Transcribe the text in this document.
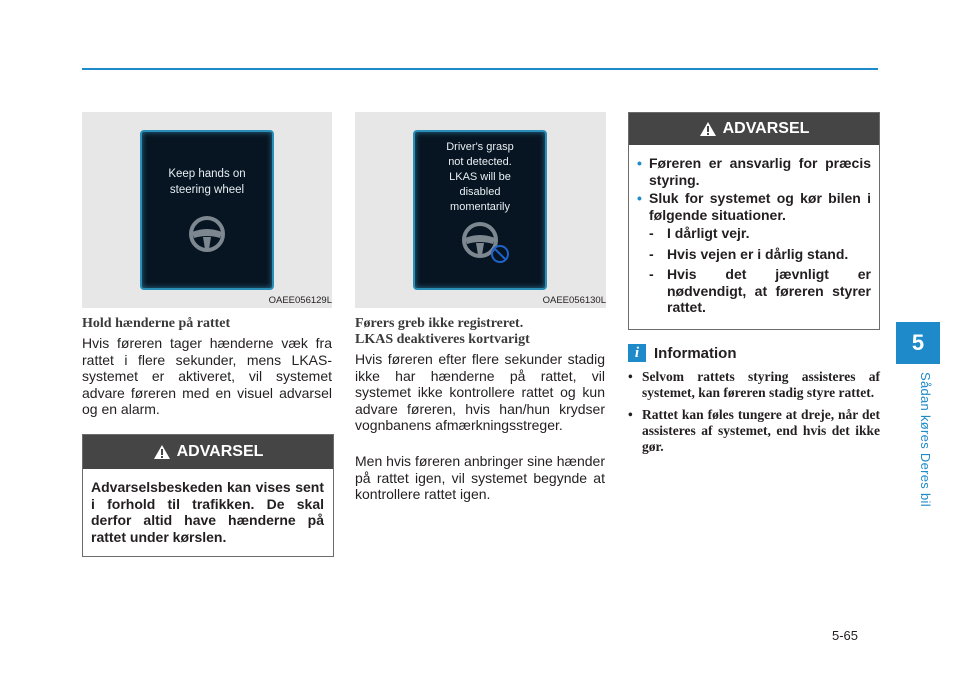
Keep hands on
steering wheel
OAEE056129L
Driver's grasp
not detected.
LKAS will be
disabled
momentarily
OAEE056130L
Hold hænderne på rattet
Hvis føreren tager hænderne væk fra rattet i flere sekunder, mens LKAS-systemet er aktiveret, vil systemet advare føreren med en visuel advarsel og en alarm.
ADVARSEL
Advarselsbeskeden kan vises sent i forhold til trafikken. De skal derfor altid have hænderne på rattet under kørslen.
Førers greb ikke registreret.
LKAS deaktiveres kortvarigt
Hvis føreren efter flere sekunder stadig ikke har hænderne på rattet, vil systemet ikke kontrollere rattet og kun advare føreren, hvis han/hun krydser vognbanens afmærkningsstreger.
Men hvis føreren anbringer sine hænder på rattet igen, vil systemet begynde at kontrollere rattet igen.
ADVARSEL
• Føreren er ansvarlig for præcis styring.
• Sluk for systemet og kør bilen i følgende situationer.
- I dårligt vejr.
- Hvis vejen er i dårlig stand.
- Hvis det jævnligt er nødvendigt, at føreren styrer rattet.
i Information
• Selvom rattets styring assisteres af systemet, kan føreren stadig styre rattet.
• Rattet kan føles tungere at dreje, når det assisteres af systemet, end hvis det ikke gør.
5
Sådan køres Deres bil
5-65
